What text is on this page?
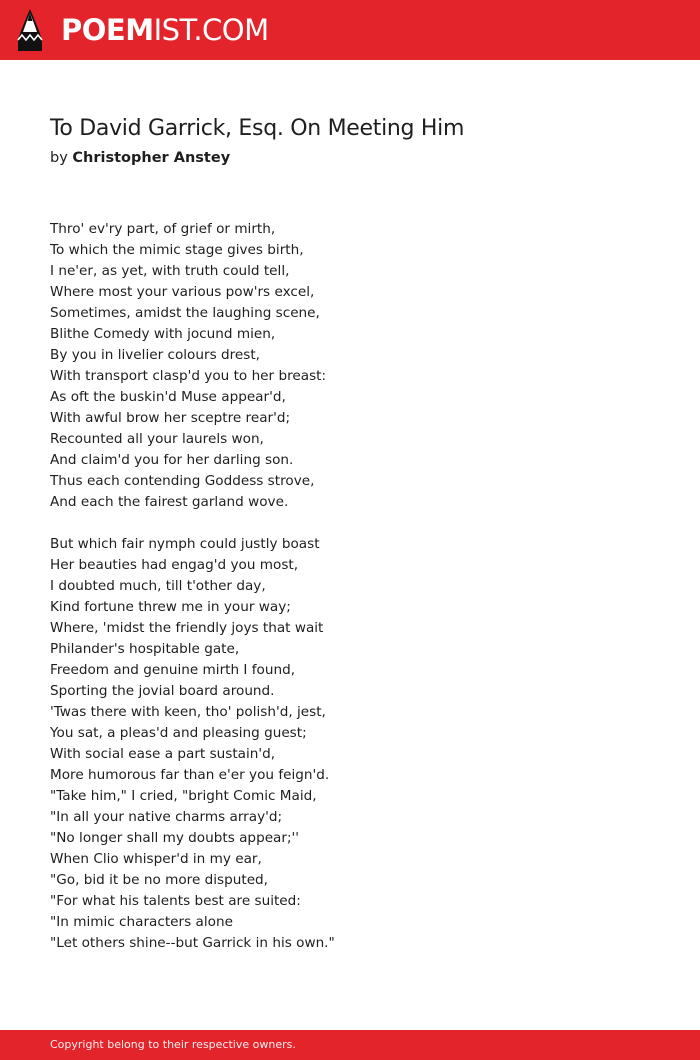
POEMIST.COM
To David Garrick, Esq. On Meeting Him
by Christopher Anstey
Thro' ev'ry part, of grief or mirth,
To which the mimic stage gives birth,
I ne'er, as yet, with truth could tell,
Where most your various pow'rs excel,
Sometimes, amidst the laughing scene,
Blithe Comedy with jocund mien,
By you in livelier colours drest,
With transport clasp'd you to her breast:
As oft the buskin'd Muse appear'd,
With awful brow her sceptre rear'd;
Recounted all your laurels won,
And claim'd you for her darling son.
Thus each contending Goddess strove,
And each the fairest garland wove.
But which fair nymph could justly boast
Her beauties had engag'd you most,
I doubted much, till t'other day,
Kind fortune threw me in your way;
Where, 'midst the friendly joys that wait
Philander's hospitable gate,
Freedom and genuine mirth I found,
Sporting the jovial board around.
'Twas there with keen, tho' polish'd, jest,
You sat, a pleas'd and pleasing guest;
With social ease a part sustain'd,
More humorous far than e'er you feign'd.
"Take him," I cried, "bright Comic Maid,
"In all your native charms array'd;
"No longer shall my doubts appear;''
When Clio whisper'd in my ear,
"Go, bid it be no more disputed,
"For what his talents best are suited:
"In mimic characters alone
"Let others shine--but Garrick in his own."
Copyright belong to their respective owners.
